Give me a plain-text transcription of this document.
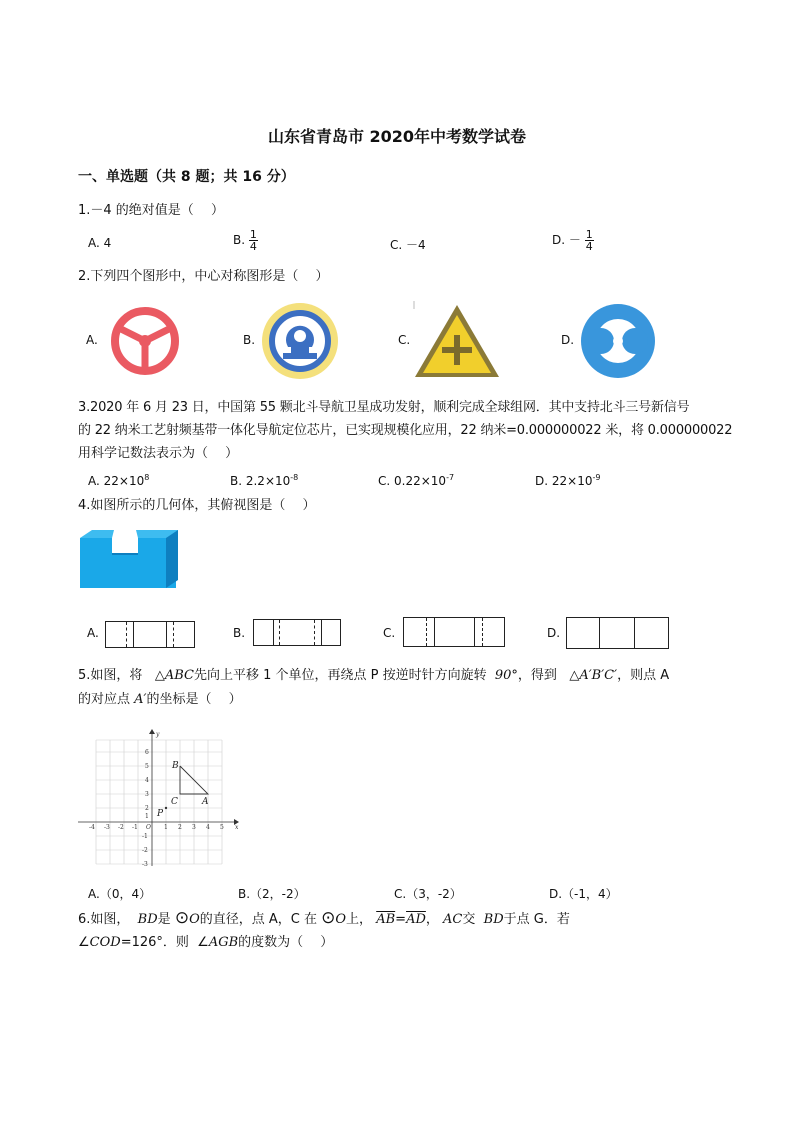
山东省青岛市 2020年中考数学试卷
一、单选题（共 8 题；共 16 分）
1.－4 的绝对值是（　 ）
A. 4	B. $\frac{1}{4}$	C. －4	D. － $\frac{1}{4}$
2.下列四个图形中，中心对称图形是（　 ）
A.	B.	C.	D.
3.2020 年 6 月 23 日，中国第 55 颗北斗导航卫星成功发射，顺利完成全球组网．其中支持北斗三号新信号
的 22 纳米工艺射频基带一体化导航定位芯片，已实现规模化应用，22 纳米=0.000000022 米，将 0.000000022
用科学记数法表示为（　 ）
A. $22\times 10^8$	B. $2.2\times 10^{-8}$	C. $0.22\times 10^{-7}$	D. $22\times 10^{-9}$
4.如图所示的几何体，其俯视图是（　 ）
A.	B.	C.	D.
5.如图，将 △ABC先向上平移 1 个单位，再绕点 P 按逆时针方向旋转 90°，得到 △A′B′C′，则点 A
的对应点 A′的坐标是（　 ）
-4 -3 -2 -1 O 1 2 3 4 5 x
6
5
4
3
2
1
-1
-2
-3
y
B
C	A
P
A.（0，4）	B.（2，-2）	C.（3，-2）	D.（-1，4）
6.如图， BD是 ⊙O的直径，点 A，C 在 ⊙O上， $\overline{AB}=\overline{AD}$， AC交 BD于点 G．若
∠COD=126°．则 ∠AGB的度数为（　 ）
